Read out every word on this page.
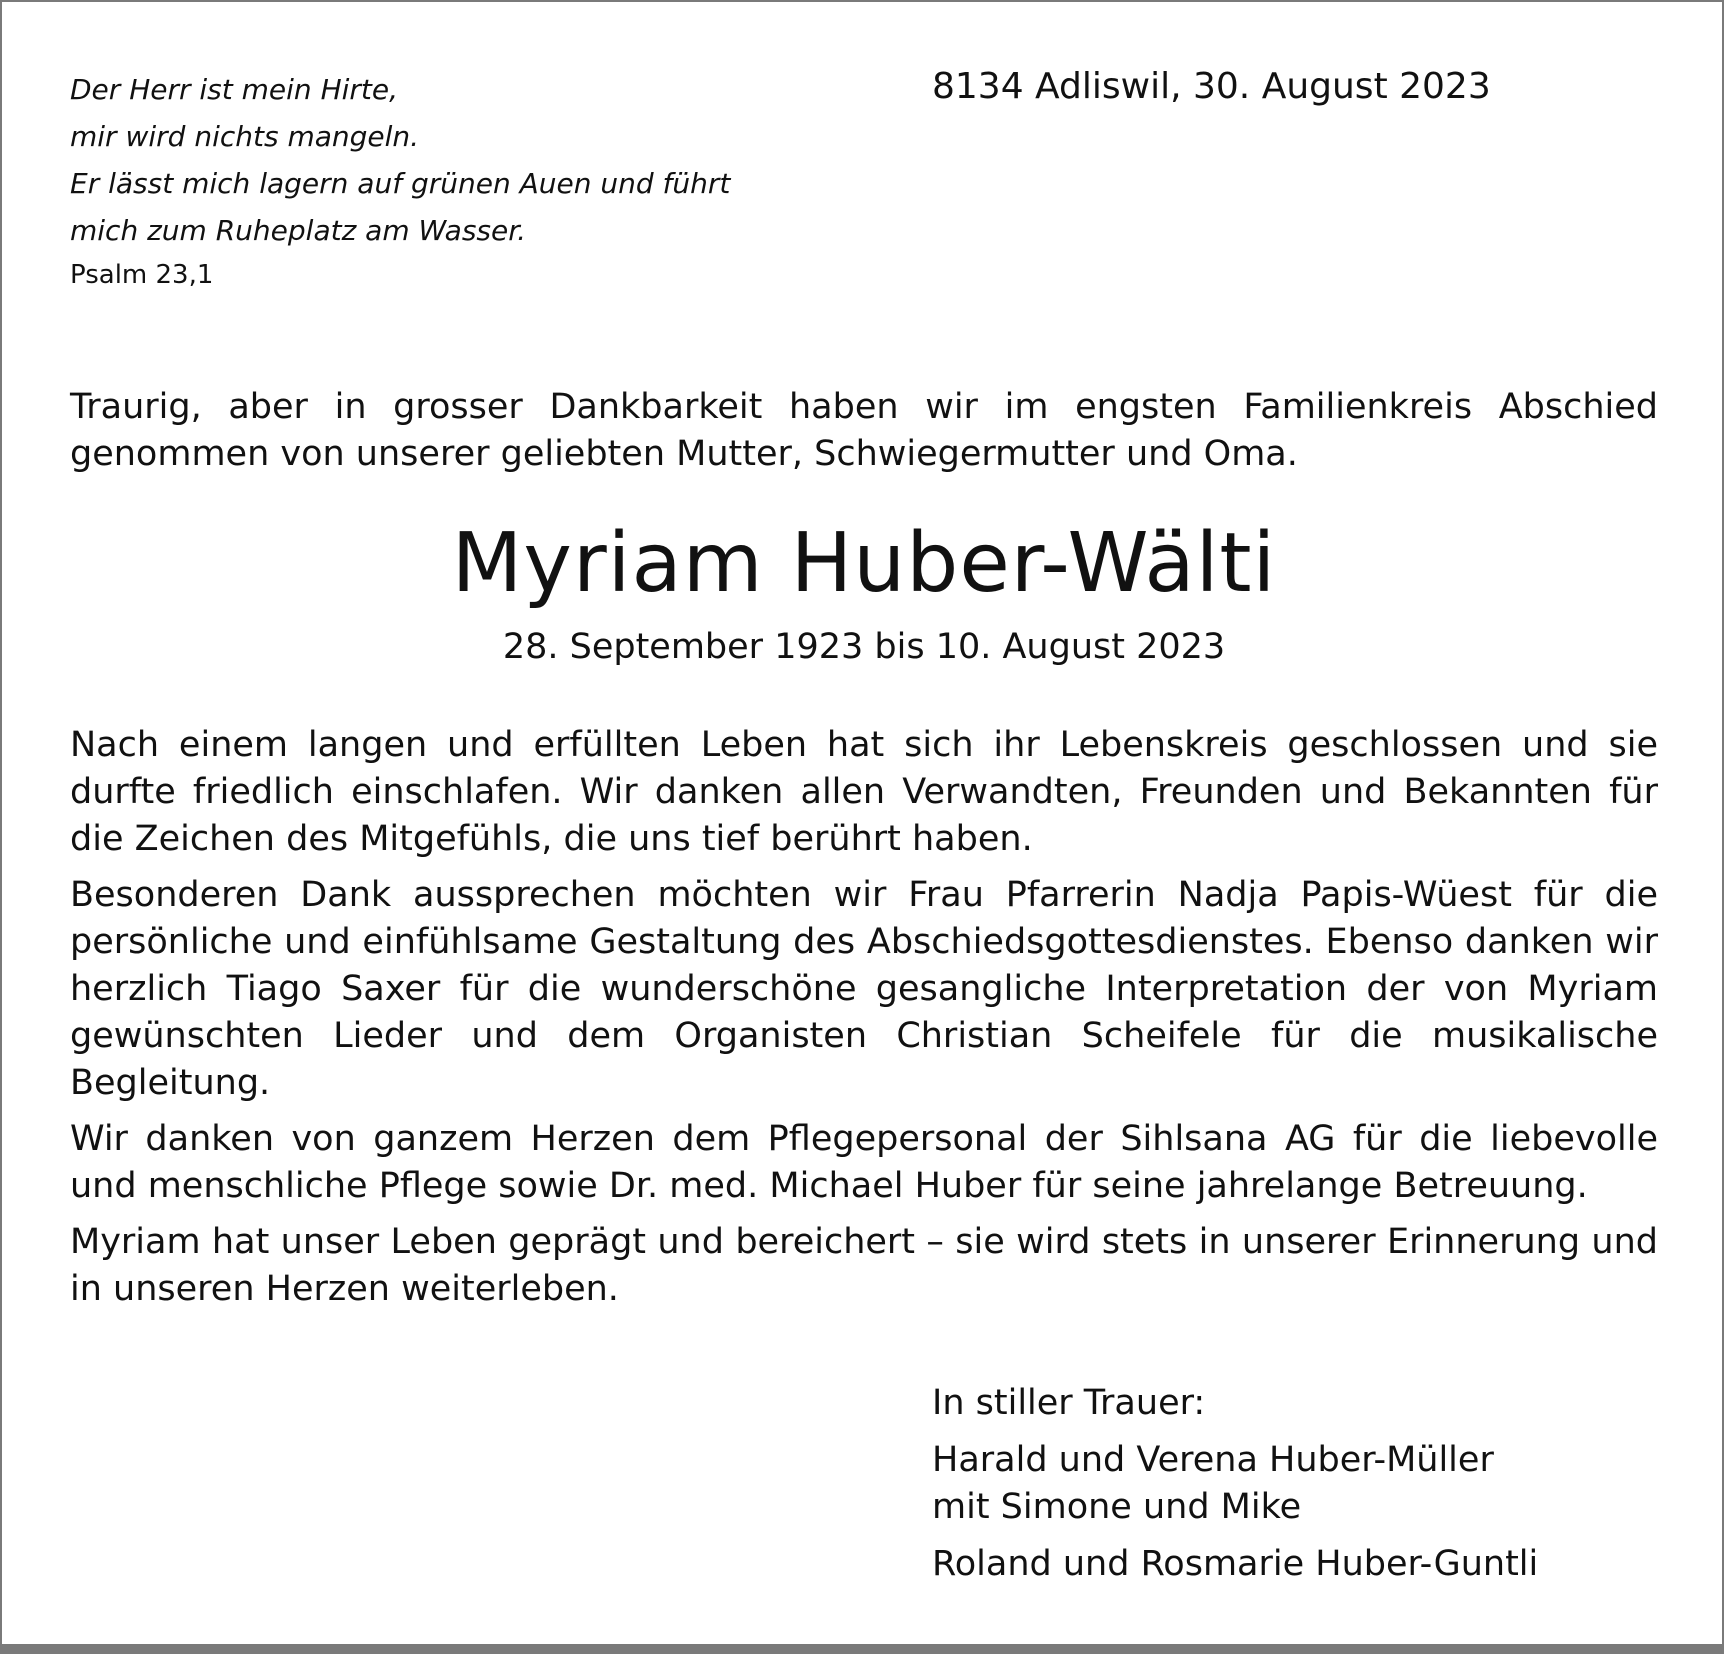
Der Herr ist mein Hirte,
mir wird nichts mangeln.
Er lässt mich lagern auf grünen Auen und führt
mich zum Ruheplatz am Wasser.
Psalm 23,1
8134 Adliswil, 30. August 2023

Traurig, aber in grosser Dankbarkeit haben wir im engsten Familienkreis Abschied genommen von unserer geliebten Mutter, Schwiegermutter und Oma.

Myriam Huber-Wälti
28. September 1923 bis 10. August 2023

Nach einem langen und erfüllten Leben hat sich ihr Lebenskreis geschlossen und sie durfte friedlich einschlafen. Wir danken allen Verwandten, Freunden und Bekannten für die Zeichen des Mitgefühls, die uns tief berührt haben.

Besonderen Dank aussprechen möchten wir Frau Pfarrerin Nadja Papis-Wüest für die persönliche und einfühlsame Gestaltung des Abschiedsgottesdienstes. Ebenso danken wir herzlich Tiago Saxer für die wunderschöne gesangliche Interpretation der von Myriam gewünschten Lieder und dem Organisten Christian Scheifele für die musikalische Begleitung.

Wir danken von ganzem Herzen dem Pflegepersonal der Sihlsana AG für die liebevolle und menschliche Pflege sowie Dr. med. Michael Huber für seine jahrelange Betreuung.

Myriam hat unser Leben geprägt und bereichert – sie wird stets in unserer Erinnerung und in unseren Herzen weiterleben.

In stiller Trauer:
Harald und Verena Huber-Müller
mit Simone und Mike
Roland und Rosmarie Huber-Guntli
